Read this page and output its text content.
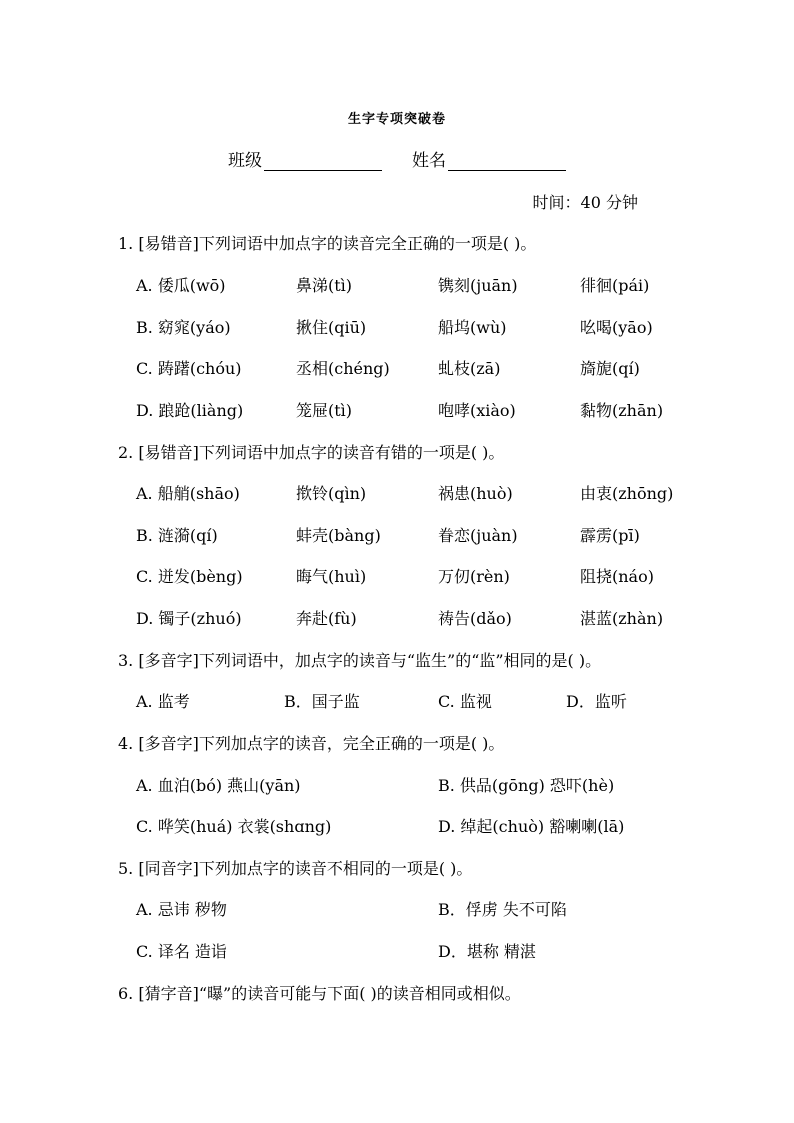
生字专项突破卷
班级	姓名
时间：40 分钟
1. [易错音]下列词语中加点字的读音完全正确的一项是( )。
A. 倭瓜(wō)	鼻涕(tì)	镌刻(juān)	徘徊(pái)
B. 窈窕(yáo)	揪住(qiū)	船坞(wù)	吆喝(yāo)
C. 踌躇(chóu)	丞相(chéng)	虬枝(zā)	旖旎(qí)
D. 踉跄(liàng)	笼屉(tì)	咆哮(xiào)	黏物(zhān)
2. [易错音]下列词语中加点字的读音有错的一项是( )。
A. 船艄(shāo)	揿铃(qìn)	祸患(huò)	由衷(zhōng)
B. 涟漪(qí)	蚌壳(bàng)	眷恋(juàn)	霹雳(pī)
C. 迸发(bèng)	晦气(huì)	万仞(rèn)	阻挠(náo)
D. 镯子(zhuó)	奔赴(fù)	祷告(dǎo)	湛蓝(zhàn)
3. [多音字]下列词语中，加点字的读音与“监生”的“监”相同的是( )。
A. 监考	B．国子监	C. 监视	D．监听
4. [多音字]下列加点字的读音，完全正确的一项是( )。
A. 血泊(bó) 燕山(yān)	B. 供品(gōng) 恐吓(hè)
C. 哗笑(huá) 衣裳(shɑng)	D. 绰起(chuò) 豁喇喇(lā)
5. [同音字]下列加点字的读音不相同的一项是( )。
A. 忌讳 秽物	B．俘虏 失不可陷
C. 译名 造诣	D．堪称 精湛
6. [猜字音]“曝”的读音可能与下面( )的读音相同或相似。
